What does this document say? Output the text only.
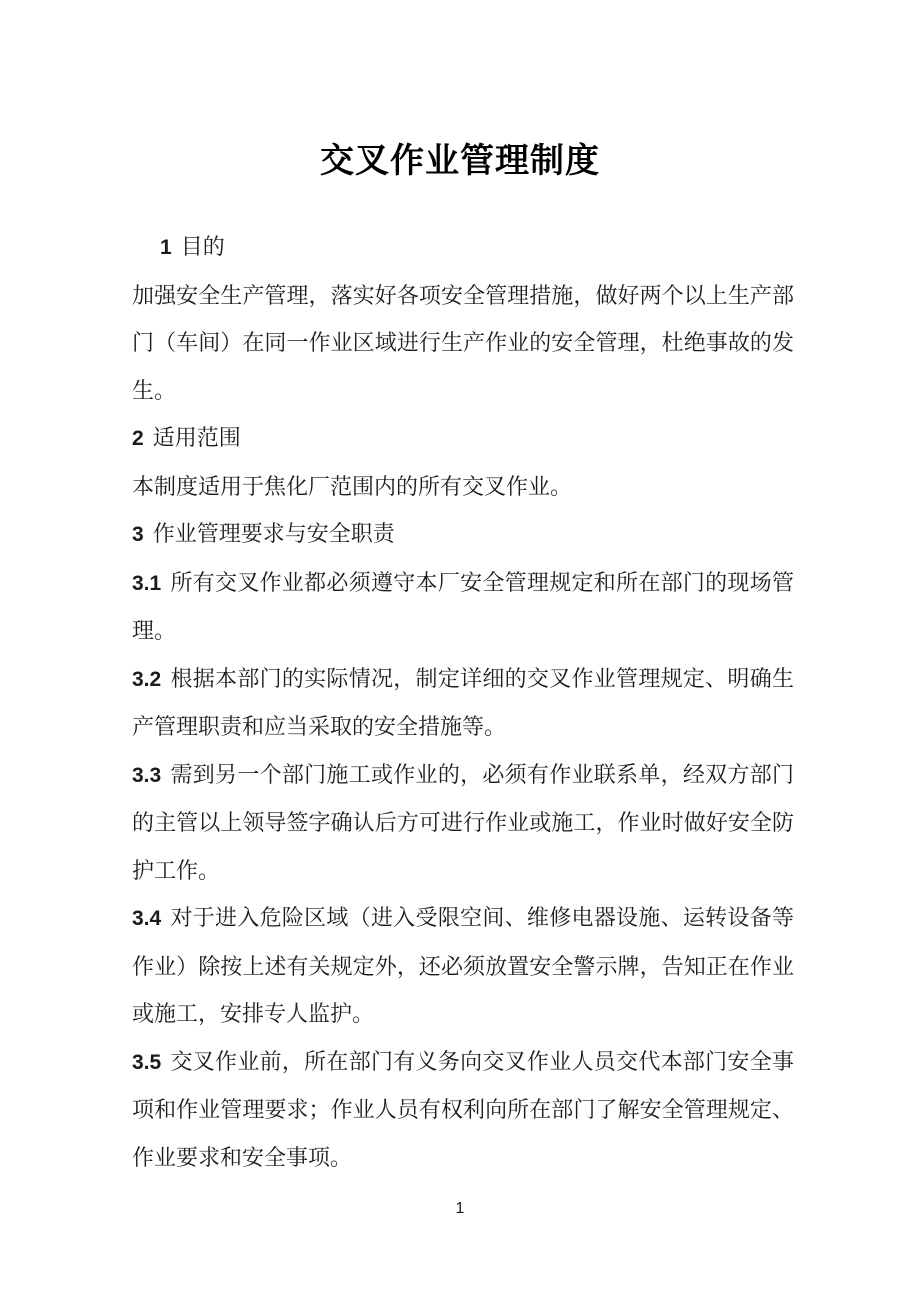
交叉作业管理制度

1 目的

加强安全生产管理，落实好各项安全管理措施，做好两个以上生产部门（车间）在同一作业区域进行生产作业的安全管理，杜绝事故的发生。

2 适用范围

本制度适用于焦化厂范围内的所有交叉作业。

3 作业管理要求与安全职责

3.1 所有交叉作业都必须遵守本厂安全管理规定和所在部门的现场管理。

3.2 根据本部门的实际情况，制定详细的交叉作业管理规定、明确生产管理职责和应当采取的安全措施等。

3.3 需到另一个部门施工或作业的，必须有作业联系单，经双方部门的主管以上领导签字确认后方可进行作业或施工，作业时做好安全防护工作。

3.4 对于进入危险区域（进入受限空间、维修电器设施、运转设备等作业）除按上述有关规定外，还必须放置安全警示牌，告知正在作业或施工，安排专人监护。

3.5 交叉作业前，所在部门有义务向交叉作业人员交代本部门安全事项和作业管理要求；作业人员有权利向所在部门了解安全管理规定、作业要求和安全事项。

1
